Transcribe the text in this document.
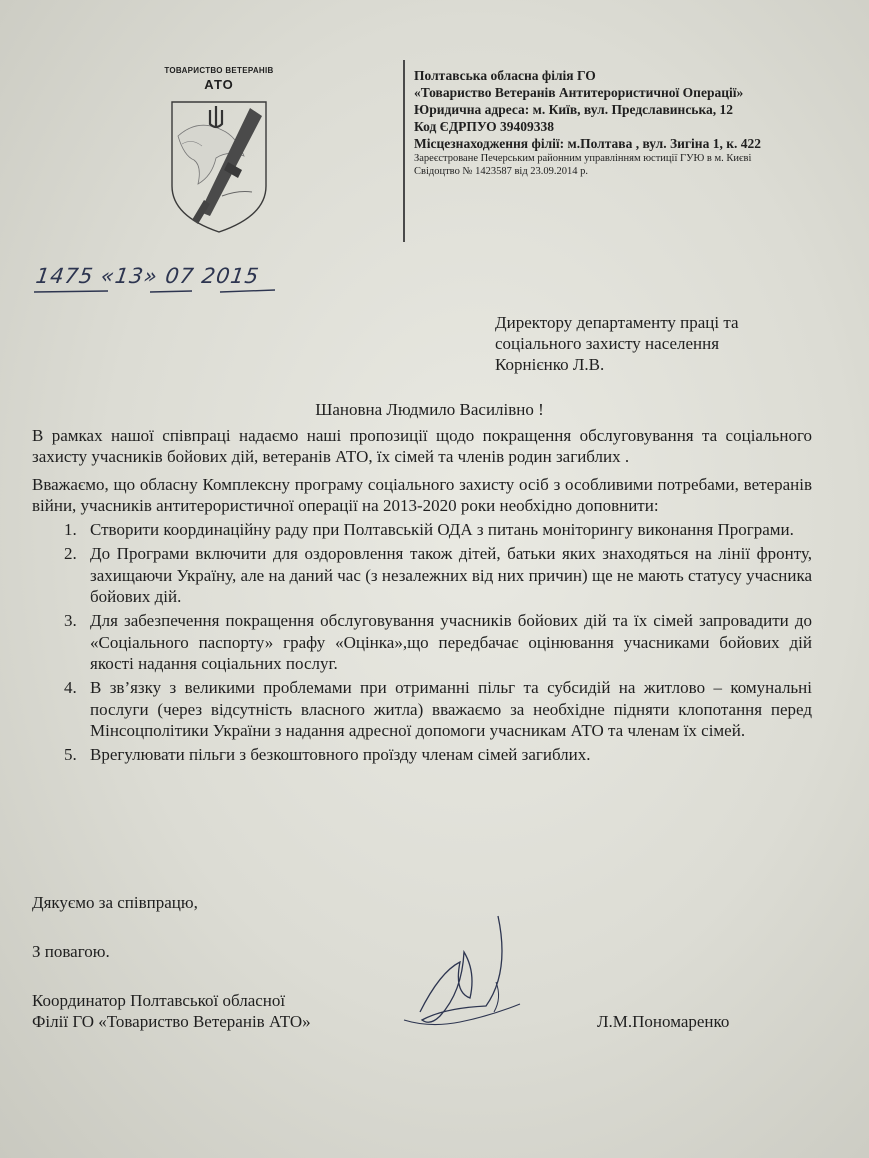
ТОВАРИСТВО ВЕТЕРАНІВ
АТО
Полтавська обласна філія ГО
«Товариство Ветеранів Антитерористичної Операції»
Юридична адреса: м. Київ, вул. Предславинська, 12
Код ЄДРПУО 39409338
Місцезнаходження філії: м.Полтава , вул. Зигіна 1, к. 422
Зареєстроване Печерським районним управлінням юстиції ГУЮ в м. Києві
Свідоцтво № 1423587 від 23.09.2014 р.
1475 «13» 07 2015
Директору департаменту праці та
соціального захисту населення
Корнієнко Л.В.
Шановна Людмило Василівно !

В рамках нашої співпраці надаємо наші пропозиції щодо покращення обслуговування та соціального захисту учасників бойових дій, ветеранів АТО, їх сімей та членів родин загиблих .

Вважаємо, що обласну Комплексну програму соціального захисту осіб з особливими потребами, ветеранів війни, учасників антитерористичної операції на 2013-2020 роки необхідно доповнити:

1. Створити координаційну раду при Полтавській ОДА з питань моніторингу виконання Програми.
2. До Програми включити для оздоровлення також дітей, батьки яких знаходяться на лінії фронту, захищаючи Україну, але на даний час (з незалежних від них причин) ще не мають статусу учасника бойових дій.
3. Для забезпечення покращення обслуговування учасників бойових дій та їх сімей запровадити до «Соціального паспорту» графу «Оцінка»,що передбачає оцінювання учасниками бойових дій якості надання соціальних послуг.
4. В зв’язку з великими проблемами при отриманні пільг та субсидій на житлово – комунальні послуги (через відсутність власного житла) вважаємо за необхідне підняти клопотання перед Мінсоцполітики України з надання адресної допомоги учасникам АТО та членам їх сімей.
5. Врегулювати пільги з безкоштовного проїзду членам сімей загиблих.
Дякуємо за співпрацю,
З повагою.
Координатор Полтавської обласної
Філії ГО «Товариство Ветеранів АТО»	Л.М.Пономаренко
